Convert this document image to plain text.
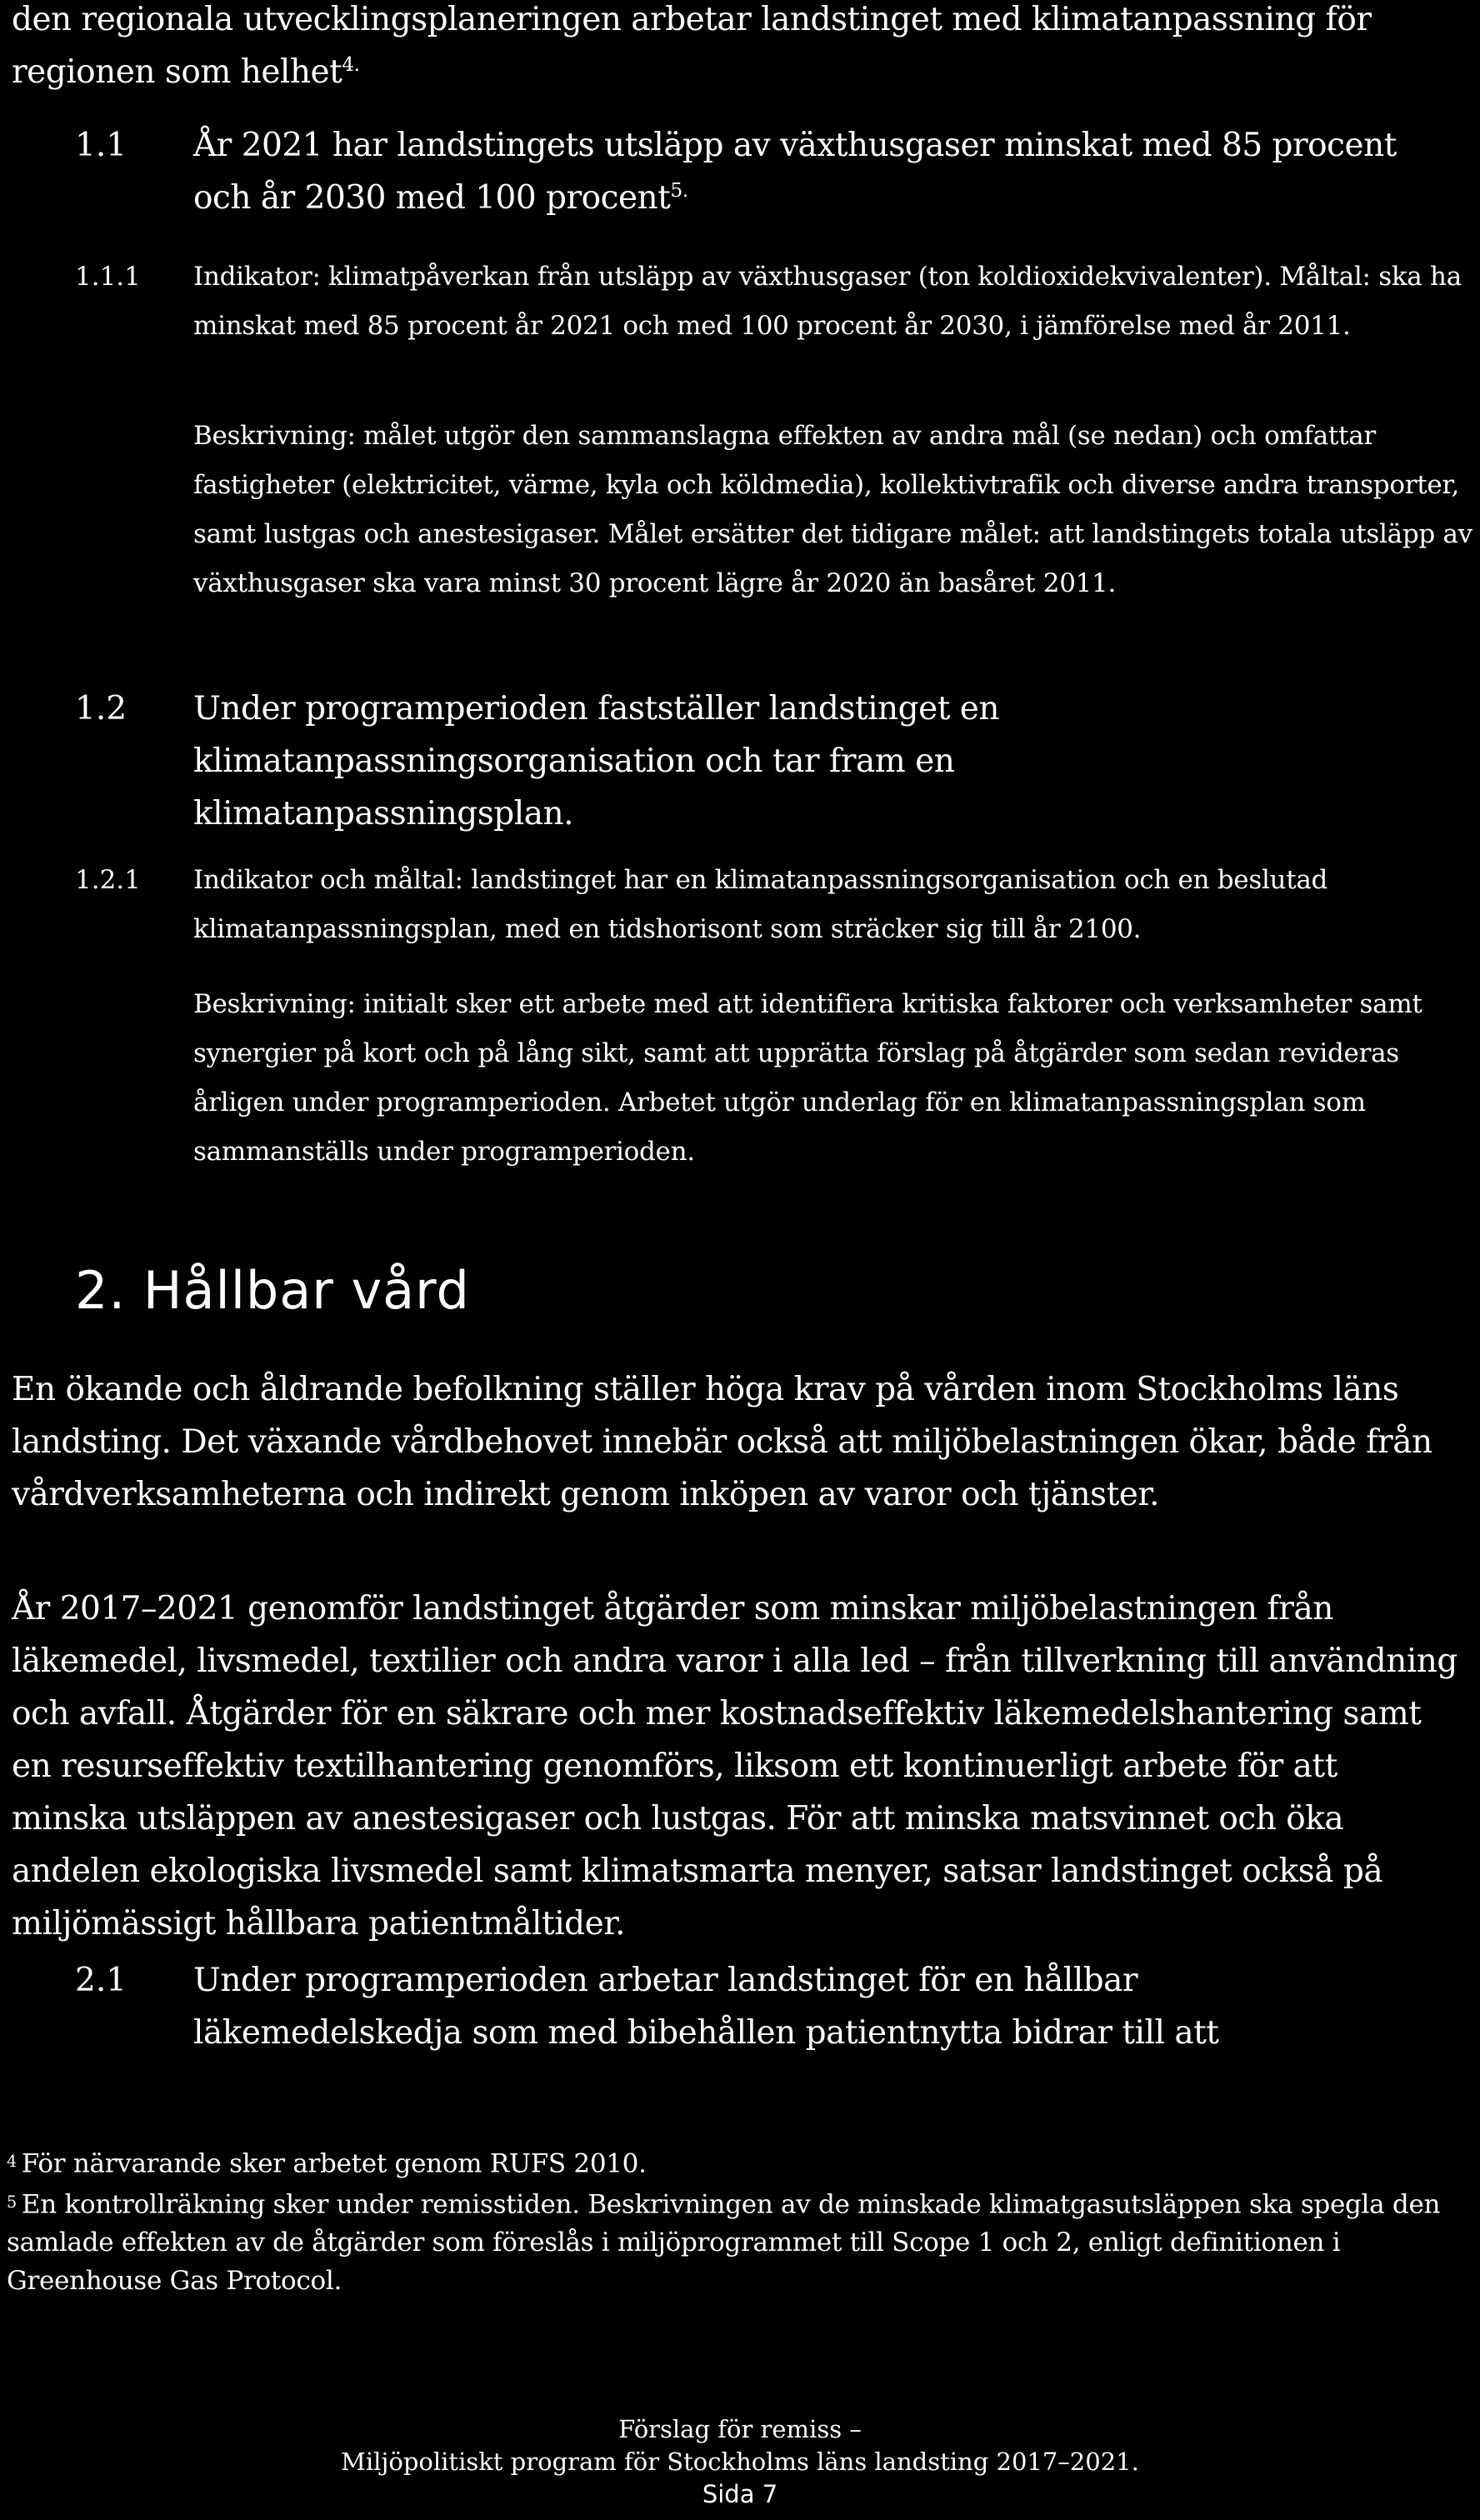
den regionala utvecklingsplaneringen arbetar landstinget med klimatanpassning för regionen som helhet$^{4.}$

1.1 År 2021 har landstingets utsläpp av växthusgaser minskat med 85 procent och år 2030 med 100 procent$^{5.}$

1.1.1 Indikator: klimatpåverkan från utsläpp av växthusgaser (ton koldioxidekvivalenter). Måltal: ska ha minskat med 85 procent år 2021 och med 100 procent år 2030, i jämförelse med år 2011.

Beskrivning: målet utgör den sammanslagna effekten av andra mål (se nedan) och omfattar fastigheter (elektricitet, värme, kyla och köldmedia), kollektivtrafik och diverse andra transporter, samt lustgas och anestesigaser. Målet ersätter det tidigare målet: att landstingets totala utsläpp av växthusgaser ska vara minst 30 procent lägre år 2020 än basåret 2011.

1.2 Under programperioden fastställer landstinget en klimatanpassningsorganisation och tar fram en klimatanpassningsplan.

1.2.1 Indikator och måltal: landstinget har en klimatanpassningsorganisation och en beslutad klimatanpassningsplan, med en tidshorisont som sträcker sig till år 2100.

Beskrivning: initialt sker ett arbete med att identifiera kritiska faktorer och verksamheter samt synergier på kort och på lång sikt, samt att upprätta förslag på åtgärder som sedan revideras årligen under programperioden. Arbetet utgör underlag för en klimatanpassningsplan som sammanställs under programperioden.

2. Hållbar vård

En ökande och åldrande befolkning ställer höga krav på vården inom Stockholms läns landsting. Det växande vårdbehovet innebär också att miljöbelastningen ökar, både från vårdverksamheterna och indirekt genom inköpen av varor och tjänster.

År 2017–2021 genomför landstinget åtgärder som minskar miljöbelastningen från läkemedel, livsmedel, textilier och andra varor i alla led – från tillverkning till användning och avfall. Åtgärder för en säkrare och mer kostnadseffektiv läkemedelshantering samt en resurseffektiv textilhantering genomförs, liksom ett kontinuerligt arbete för att minska utsläppen av anestesigaser och lustgas. För att minska matsvinnet och öka andelen ekologiska livsmedel samt klimatsmarta menyer, satsar landstinget också på miljömässigt hållbara patientmåltider.

2.1 Under programperioden arbetar landstinget för en hållbar läkemedelskedja som med bibehållen patientnytta bidrar till att

$^4$ För närvarande sker arbetet genom RUFS 2010.
$^5$ En kontrollräkning sker under remisstiden. Beskrivningen av de minskade klimatgasutsläppen ska spegla den samlade effekten av de åtgärder som föreslås i miljöprogrammet till Scope 1 och 2, enligt definitionen i Greenhouse Gas Protocol.
Förslag för remiss –
Miljöpolitiskt program för Stockholms läns landsting 2017–2021.
Sida 7
